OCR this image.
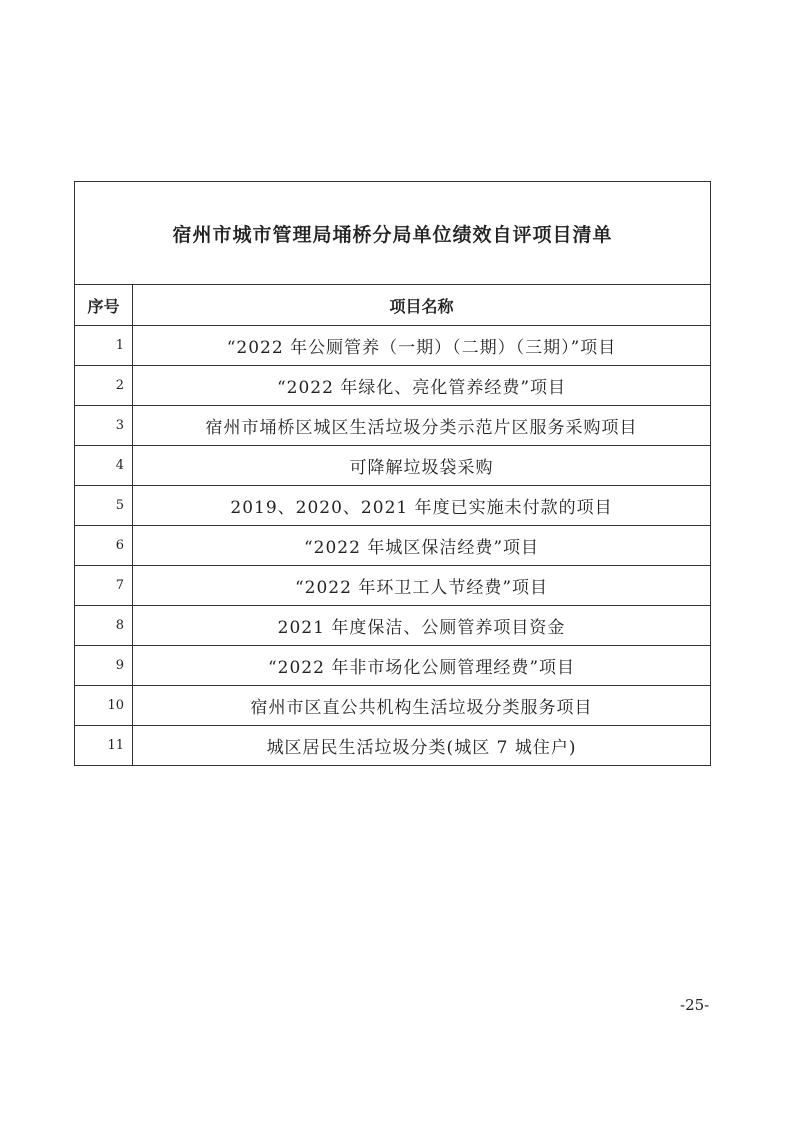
宿州市城市管理局埇桥分局单位绩效自评项目清单	
序号	项目名称
1	“2022 年公厕管养（一期）（二期）（三期）”项目
2	“2022 年绿化、亮化管养经费”项目
3	宿州市埇桥区城区生活垃圾分类示范片区服务采购项目
4	可降解垃圾袋采购
5	2019、2020、2021 年度已实施未付款的项目
6	“2022 年城区保洁经费”项目
7	“2022 年环卫工人节经费”项目
8	2021 年度保洁、公厕管养项目资金
9	“2022 年非市场化公厕管理经费”项目
10	宿州市区直公共机构生活垃圾分类服务项目
11	城区居民生活垃圾分类(城区 7 城住户)
-25-
